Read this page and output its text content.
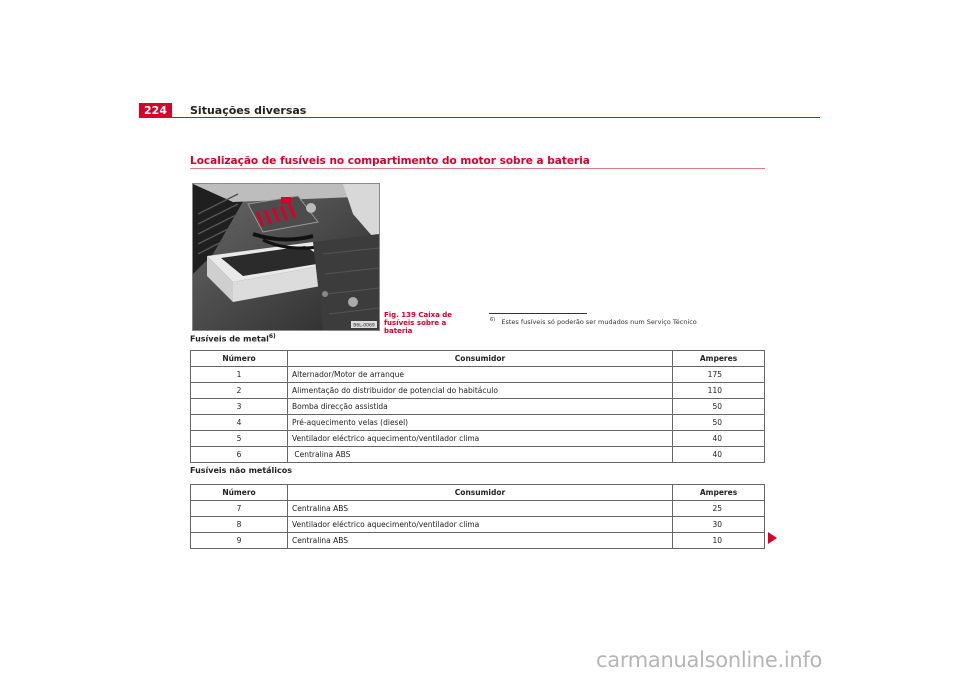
224	Situações diversas
Localização de fusíveis no compartimento do motor sobre a bateria
B6L-0069
Fig. 139 Caixa de fusíveis sobre a bateria
$^{6)}$ Estes fusíveis só poderão ser mudados num Serviço Técnico
Fusíveis de metal$^{6)}$
Número	Consumidor	Amperes
1	Alternador/Motor de arranque	175
2	Alimentação do distribuidor de potencial do habitáculo	110
3	Bomba direcção assistida	50
4	Pré-aquecimento velas (diesel)	50
5	Ventilador eléctrico aquecimento/ventilador clima	40
6	Centralina ABS	40
Fusíveis não metálicos
Número	Consumidor	Amperes
7	Centralina ABS	25
8	Ventilador eléctrico aquecimento/ventilador clima	30
9	Centralina ABS	10
carmanualsonline.info
